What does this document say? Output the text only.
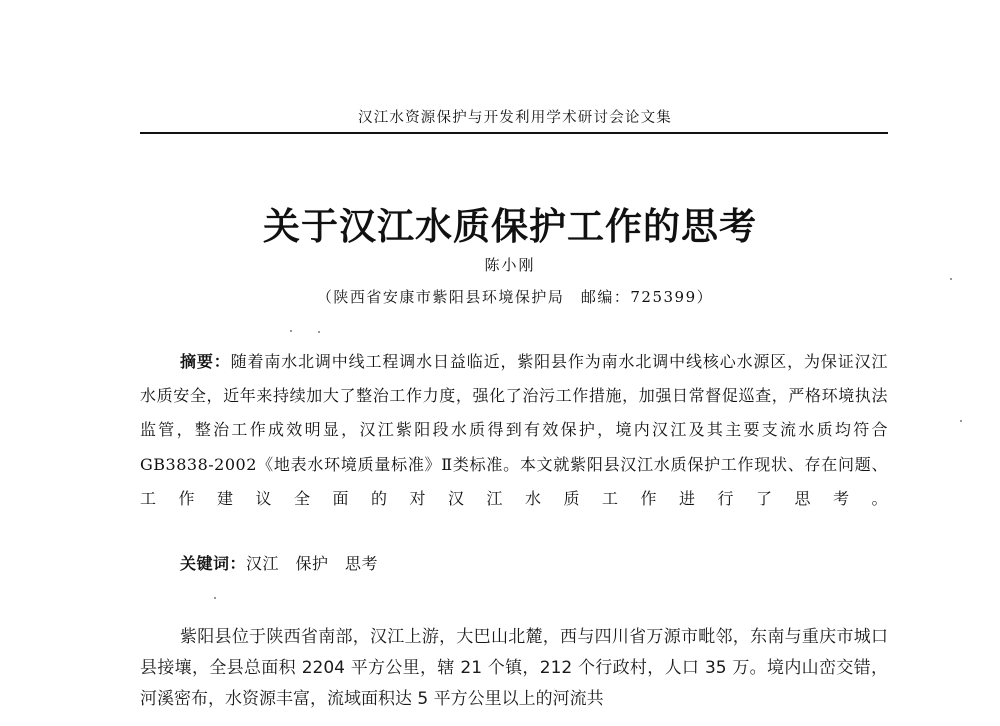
汉江水资源保护与开发利用学术研讨会论文集
关于汉江水质保护工作的思考
陈小刚
（陕西省安康市紫阳县环境保护局　邮编：725399）

摘要：随着南水北调中线工程调水日益临近，紫阳县作为南水北调中线核心水源区，为保证汉江水质安全，近年来持续加大了整治工作力度，强化了治污工作措施，加强日常督促巡查，严格环境执法监管，整治工作成效明显，汉江紫阳段水质得到有效保护，境内汉江及其主要支流水质均符合GB3838-2002《地表水环境质量标准》Ⅱ类标准。本文就紫阳县汉江水质保护工作现状、存在问题、工作建议全面的对汉江水质工作进行了思考。

关键词：汉江　保护　思考

紫阳县位于陕西省南部，汉江上游，大巴山北麓，西与四川省万源市毗邻，东南与重庆市城口县接壤，全县总面积 2204 平方公里，辖 21 个镇，212 个行政村，人口 35 万。境内山峦交错，河溪密布，水资源丰富，流域面积达 5 平方公里以上的河流共
